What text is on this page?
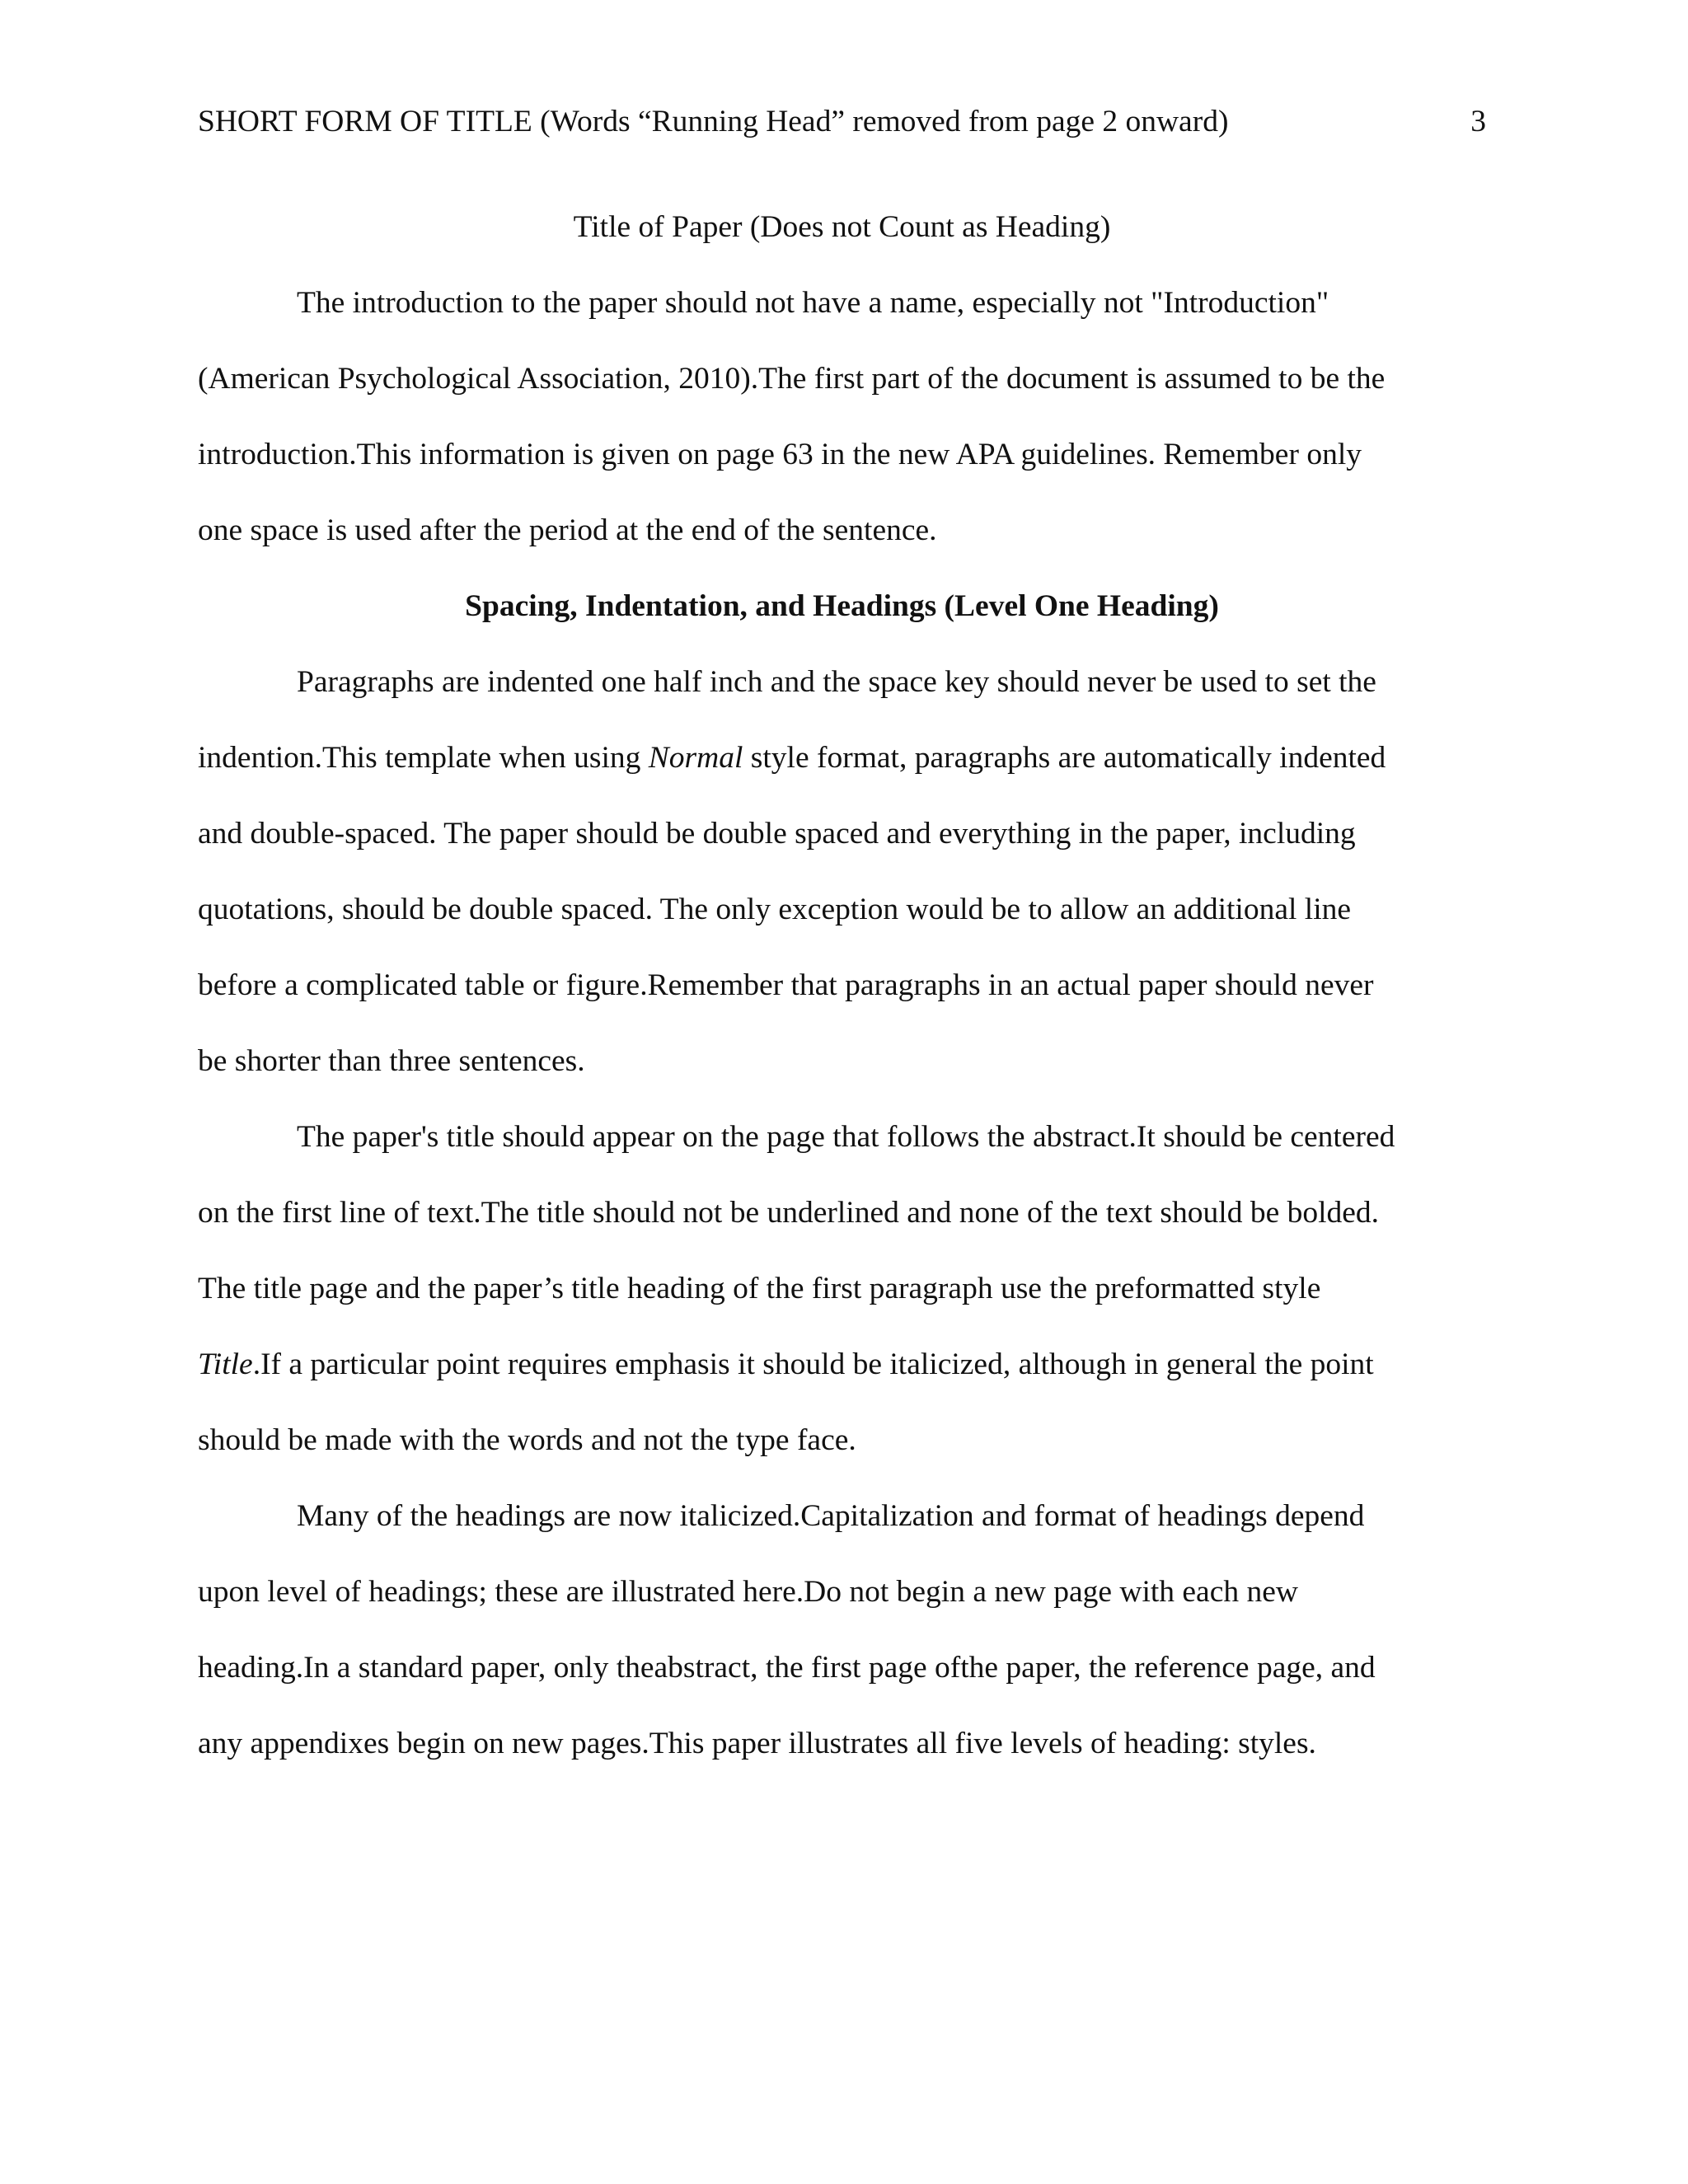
SHORT FORM OF TITLE (Words “Running Head” removed from page 2 onward)	3
Title of Paper (Does not Count as Heading)

The introduction to the paper should not have a name, especially not "Introduction"
(American Psychological Association, 2010).The first part of the document is assumed to be the
introduction.This information is given on page 63 in the new APA guidelines. Remember only
one space is used after the period at the end of the sentence.

Spacing, Indentation, and Headings (Level One Heading)

Paragraphs are indented one half inch and the space key should never be used to set the
indention.This template when using Normal style format, paragraphs are automatically indented
and double-spaced. The paper should be double spaced and everything in the paper, including
quotations, should be double spaced. The only exception would be to allow an additional line
before a complicated table or figure.Remember that paragraphs in an actual paper should never
be shorter than three sentences.

The paper's title should appear on the page that follows the abstract.It should be centered
on the first line of text.The title should not be underlined and none of the text should be bolded.
The title page and the paper’s title heading of the first paragraph use the preformatted style
Title.If a particular point requires emphasis it should be italicized, although in general the point
should be made with the words and not the type face.

Many of the headings are now italicized.Capitalization and format of headings depend
upon level of headings; these are illustrated here.Do not begin a new page with each new
heading.In a standard paper, only theabstract, the first page ofthe paper, the reference page, and
any appendixes begin on new pages.This paper illustrates all five levels of heading: styles.
